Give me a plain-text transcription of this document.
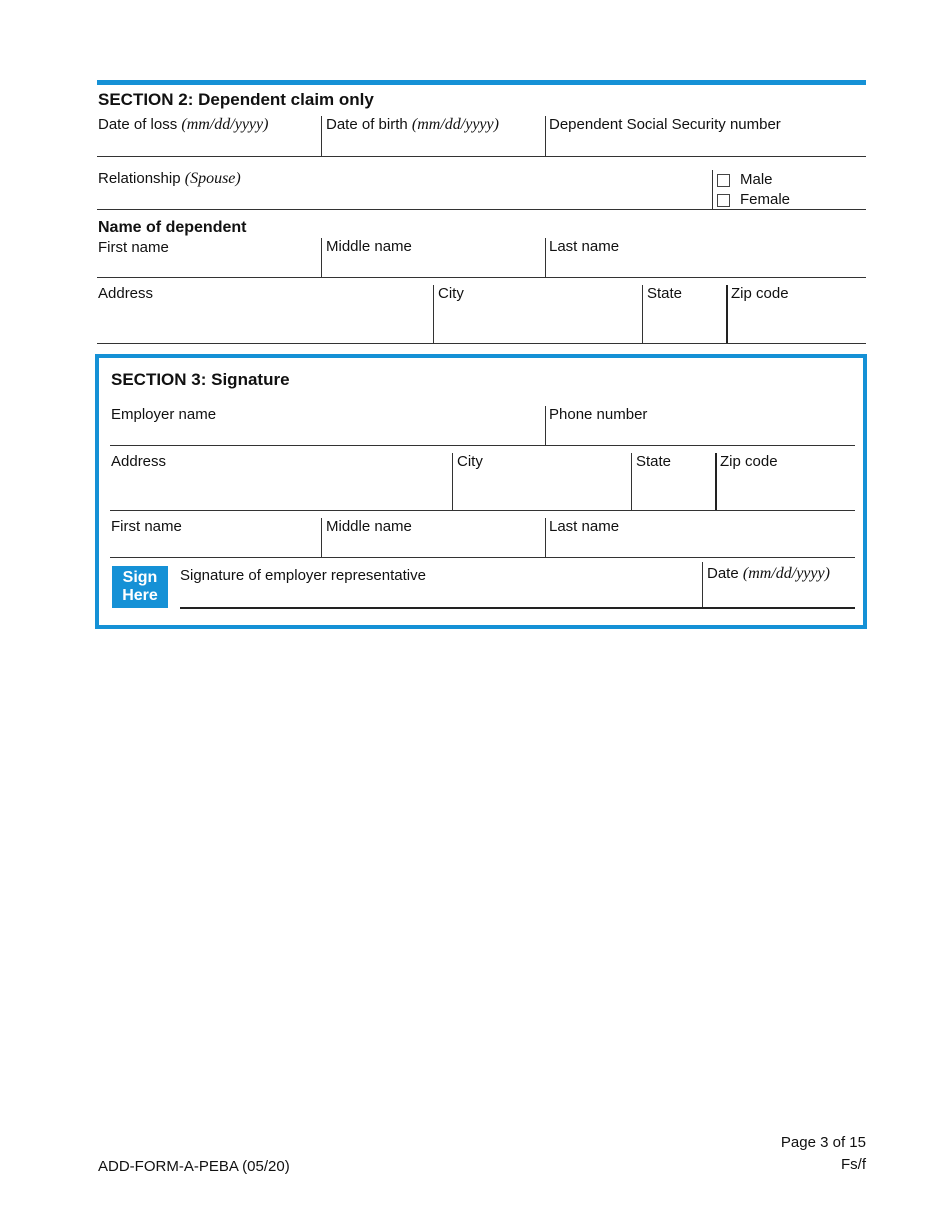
SECTION 2: Dependent claim only
Date of loss (mm/dd/yyyy)	Date of birth (mm/dd/yyyy)	Dependent Social Security number
Relationship (Spouse)	Male
Female
Name of dependent
First name	Middle name	Last name
Address	City	State	Zip code
SECTION 3: Signature
Employer name	Phone number
Address	City	State	Zip code
First name	Middle name	Last name
Sign
Here
Signature of employer representative	Date (mm/dd/yyyy)
ADD-FORM-A-PEBA (05/20)
Page 3 of 15
Fs/f
